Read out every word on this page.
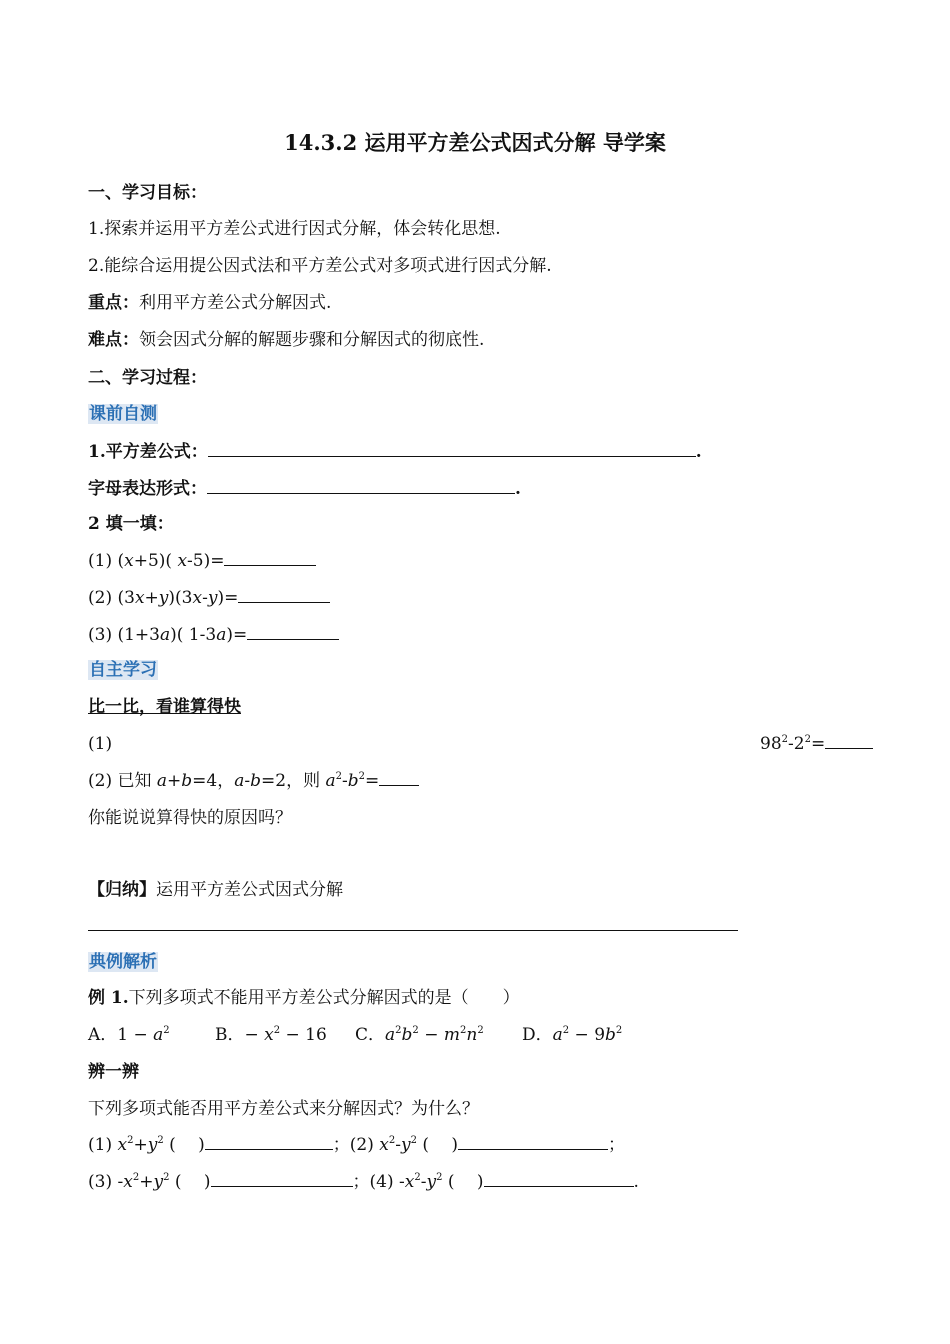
14.3.2 运用平方差公式因式分解 导学案
一、学习目标：
1.探索并运用平方差公式进行因式分解，体会转化思想.
2.能综合运用提公因式法和平方差公式对多项式进行因式分解.
重点：利用平方差公式分解因式.
难点：领会因式分解的解题步骤和分解因式的彻底性.
二、学习过程：
课前自测
1.平方差公式：	.
字母表达形式：	.
2 填一填：
(1) (x+5)( x-5)=
(2) (3x+y)(3x-y)=
(3) (1+3a)( 1-3a)=
自主学习
比一比，看谁算得快
(1)	$98^2-2^2=$
(2) 已知 a+b=4，a-b=2，则 $a^2-b^2=$
你能说说算得快的原因吗？
【归纳】运用平方差公式因式分解
典例解析
例 1.下列多项式不能用平方差公式分解因式的是（　　）
A．$1 - a^2$	B．− $x^2 - 16$ C．$a^2b^2 - m^2n^2$ D．$a^2 - 9b^2$
辨一辨
下列多项式能否用平方差公式来分解因式？为什么？
(1) $x^2+y^2$ (　 )	；(2) $x^2-y^2$ (　 )	；
(3) $-x^2+y^2$ (　 )	；(4) $-x^2-y^2$ (　 )	.
